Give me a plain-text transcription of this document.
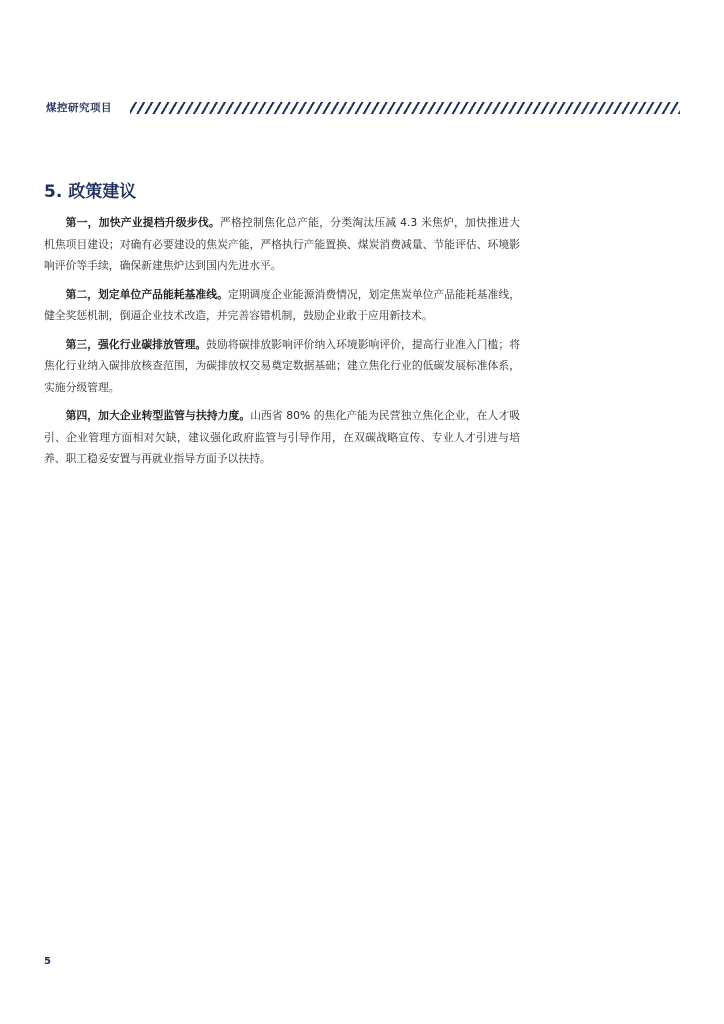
煤控研究项目
5. 政策建议

第一，加快产业提档升级步伐。严格控制焦化总产能，分类淘汰压减 4.3 米焦炉，加快推进大机焦项目建设；对确有必要建设的焦炭产能，严格执行产能置换、煤炭消费减量、节能评估、环境影响评价等手续，确保新建焦炉达到国内先进水平。

第二，划定单位产品能耗基准线。定期调度企业能源消费情况，划定焦炭单位产品能耗基准线，健全奖惩机制，倒逼企业技术改造，并完善容错机制，鼓励企业敢于应用新技术。

第三，强化行业碳排放管理。鼓励将碳排放影响评价纳入环境影响评价，提高行业准入门槛；将焦化行业纳入碳排放核查范围，为碳排放权交易奠定数据基础；建立焦化行业的低碳发展标准体系，实施分级管理。

第四，加大企业转型监管与扶持力度。山西省 80% 的焦化产能为民营独立焦化企业，在人才吸引、企业管理方面相对欠缺，建议强化政府监管与引导作用，在双碳战略宣传、专业人才引进与培养、职工稳妥安置与再就业指导方面予以扶持。

5
